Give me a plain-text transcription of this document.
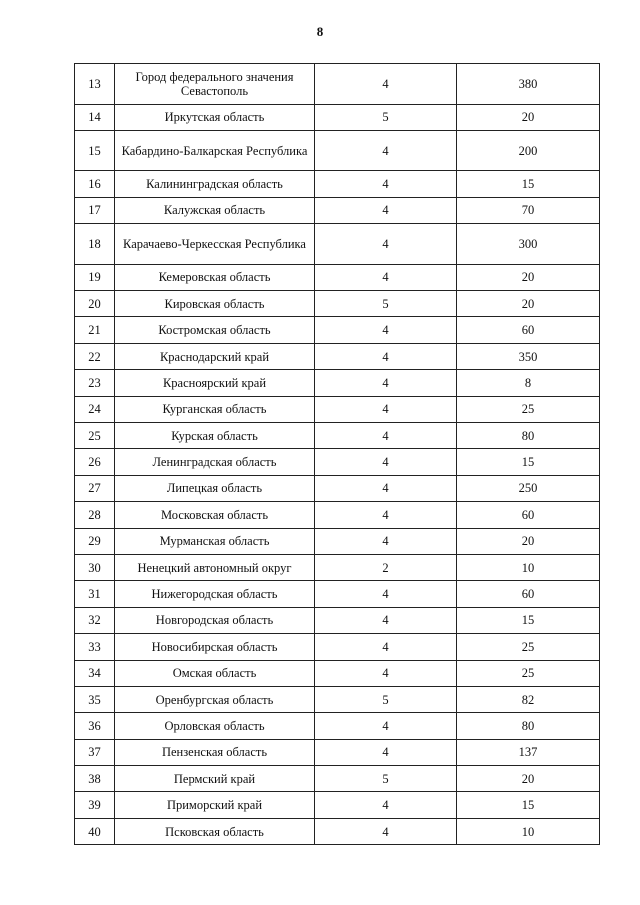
8
13	Город федерального значения Севастополь	4	380
14	Иркутская область	5	20
15	Кабардино-Балкарская Республика	4	200
16	Калининградская область	4	15
17	Калужская область	4	70
18	Карачаево-Черкесская Республика	4	300
19	Кемеровская область	4	20
20	Кировская область	5	20
21	Костромская область	4	60
22	Краснодарский край	4	350
23	Красноярский край	4	8
24	Курганская область	4	25
25	Курская область	4	80
26	Ленинградская область	4	15
27	Липецкая область	4	250
28	Московская область	4	60
29	Мурманская область	4	20
30	Ненецкий автономный округ	2	10
31	Нижегородская область	4	60
32	Новгородская область	4	15
33	Новосибирская область	4	25
34	Омская область	4	25
35	Оренбургская область	5	82
36	Орловская область	4	80
37	Пензенская область	4	137
38	Пермский край	5	20
39	Приморский край	4	15
40	Псковская область	4	10
